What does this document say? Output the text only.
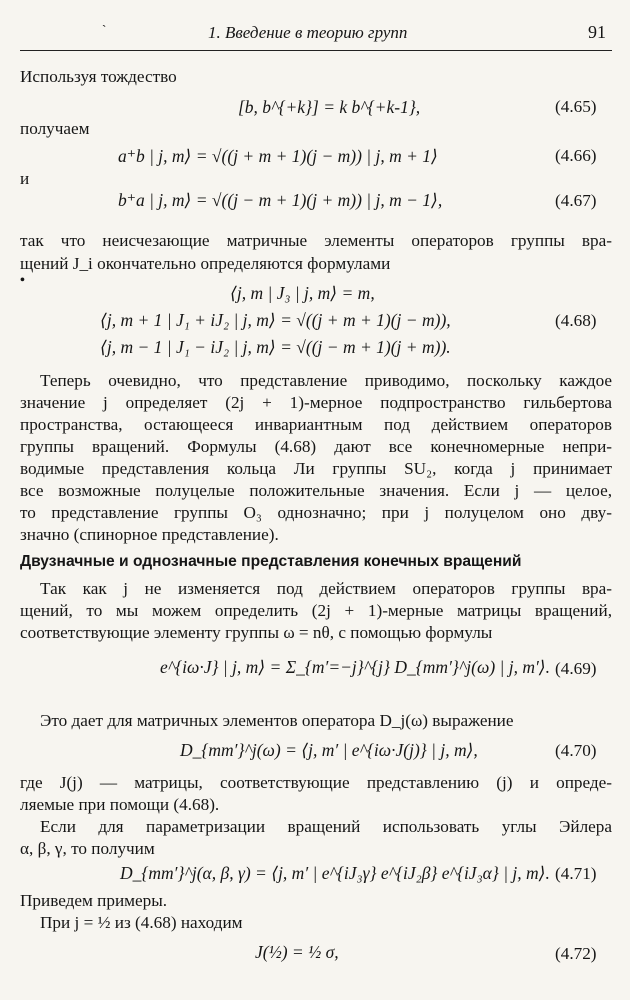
ˋ	1. Введение в теорию групп	91
Используя тождество
[b, b^{+k}] = k b^{+k-1},	(4.65)
получаем
a⁺b | j, m⟩ = √((j + m + 1)(j − m)) | j, m + 1⟩	(4.66)
и
b⁺a | j, m⟩ = √((j − m + 1)(j + m)) | j, m − 1⟩,	(4.67)
так что неисчезающие матричные элементы операторов группы вра-
щений J_i окончательно определяются формулами
•
⟨j, m | J₃ | j, m⟩ = m,
⟨j, m + 1 | J₁ + iJ₂ | j, m⟩ = √((j + m + 1)(j − m)),	(4.68)
⟨j, m − 1 | J₁ − iJ₂ | j, m⟩ = √((j − m + 1)(j + m)).
Теперь очевидно, что представление приводимо, поскольку каждое
значение j определяет (2j + 1)-мерное подпространство гильбертова
пространства, остающееся инвариантным под действием операторов
группы вращений. Формулы (4.68) дают все конечномерные непри-
водимые представления кольца Ли группы SU₂, когда j принимает
все возможные полуцелые положительные значения. Если j — целое,
то представление группы O₃ однозначно; при j полуцелом оно дву-
значно (спинорное представление).
Двузначные и однозначные представления конечных вращений
Так как j не изменяется под действием операторов группы вра-
щений, то мы можем определить (2j + 1)-мерные матрицы вращений,
соответствующие элементу группы ω = nθ, с помощью формулы
e^{iω·J} | j, m⟩ = Σ_{m′=−j}^{j} D_{mm′}^j(ω) | j, m′⟩. (4.69)
Это дает для матричных элементов оператора D_j(ω) выражение
D_{mm′}^j(ω) = ⟨j, m′ | e^{iω·J(j)} | j, m⟩,	(4.70)
где J(j) — матрицы, соответствующие представлению (j) и опреде-
ляемые при помощи (4.68).
Если для параметризации вращений использовать углы Эйлера
α, β, γ, то получим
D_{mm′}^j(α, β, γ) = ⟨j, m′ | e^{iJ₃γ} e^{iJ₂β} e^{iJ₃α} | j, m⟩. (4.71)
Приведем примеры.
При j = ½ из (4.68) находим
J(½) = ½ σ,	(4.72)
